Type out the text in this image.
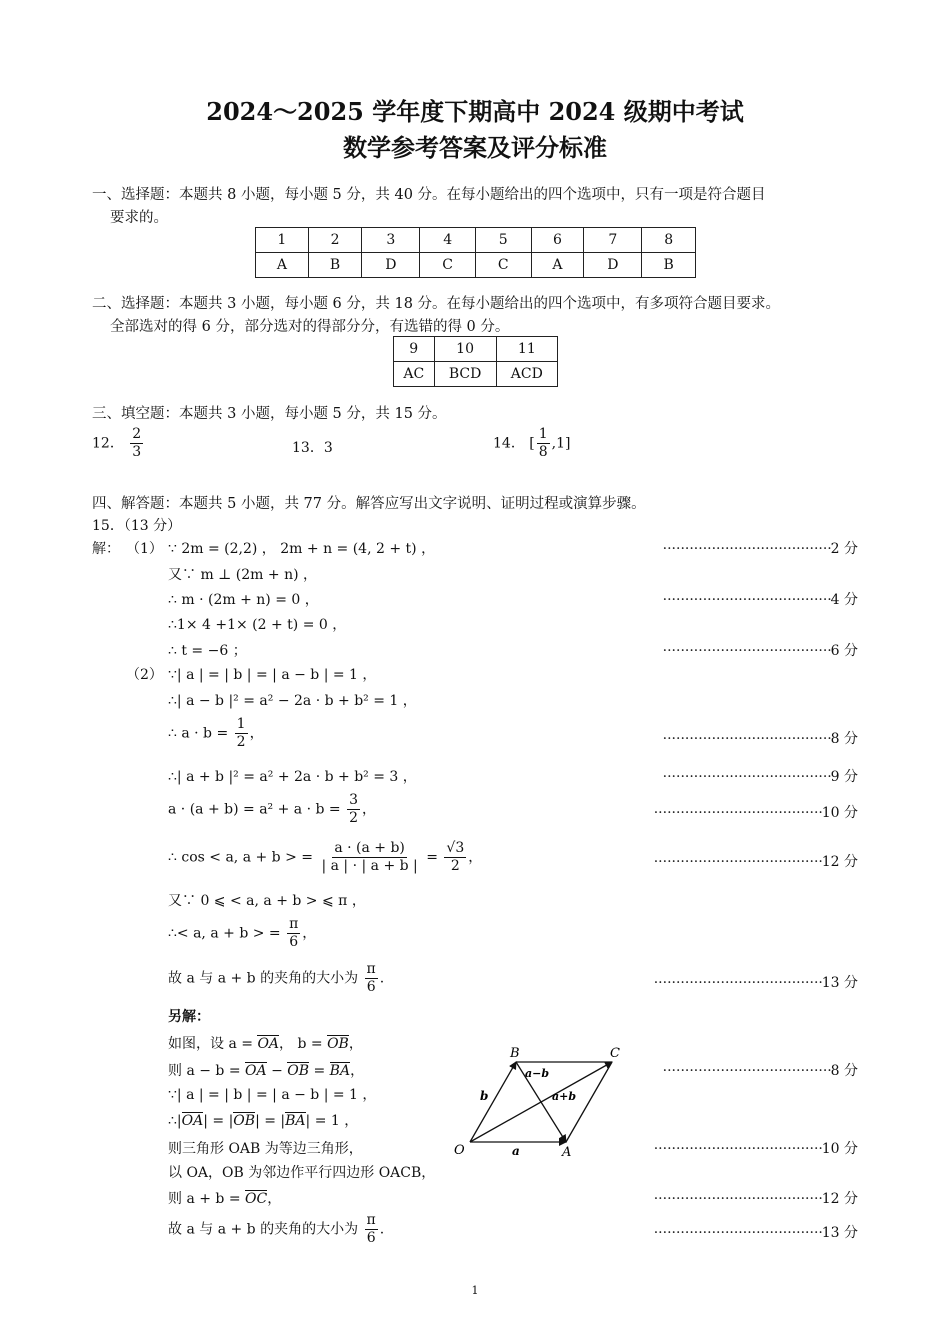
2024～2025 学年度下期高中 2024 级期中考试
数学参考答案及评分标准
一、选择题：本题共 8 小题，每小题 5 分，共 40 分。在每小题给出的四个选项中，只有一项是符合题目
要求的。
1	2	3	4	5	6	7	8
A	B	D	C	C	A	D	B
二、选择题：本题共 3 小题，每小题 6 分，共 18 分。在每小题给出的四个选项中，有多项符合题目要求。
全部选对的得 6 分，部分选对的得部分分，有选错的得 0 分。
9	10	11
AC	BCD	ACD
三、填空题：本题共 3 小题，每小题 5 分，共 15 分。
12． $\frac{2}{3}$	13．3	14． [ $\frac{1}{8} ,1$]
四、解答题：本题共 5 小题，共 77 分。解答应写出文字说明、证明过程或演算步骤。
15．（13 分）
解： （1） ∵ 2m = (2,2) ， 2m + n = (4, 2 + t) ， ·····	2 分
又∵ m ⊥ (2m + n) ，
∴ m · (2m + n) = 0 ， ·····	4 分
∴1× 4 +1× (2 + t) = 0 ，
∴ t = −6 ； ·····	6 分
（2） ∵| a | = | b | = | a − b | = 1 ，
∴| a − b |² = a² − 2a · b + b² = 1 ，
∴ $a \cdot b = \frac{1}{2}$ ， ·····	8 分
∴| a + b |² = a² + 2a · b + b² = 3 ， ·····	9 分
$a \cdot (a + b) = a^2 + a \cdot b = \frac{3}{2}$ ， ·····	10 分
∴ cos < a, a + b > = $\frac{a \cdot (a + b)}{| a | \cdot | a + b |} = \frac{√3}{2}$ ， ·····	12 分
又∵ 0 ⩽ < a, a + b > ⩽ π ，
∴< a, a + b > = $\frac{\pi}{6}$ ，
故 a 与 a + b 的夹角的大小为 $\frac{\pi}{6}$ . ·····	13 分
另解：
如图，设 a = OA， b = OB，
则 a − b = OA − OB = BA， ·····	8 分
∵| a | = | b | = | a − b | = 1 ，
∴|OA| = |OB| = |BA| = 1 ，
则三角形 OAB 为等边三角形， ·····	10 分
以 OA，OB 为邻边作平行四边形 OACB，
则 a + b = OC， ·····	12 分
故 a 与 a + b 的夹角的大小为 $\frac{\pi}{6}$ . ·····	13 分
O	A
B	C
a
b
a−b
a+b
1
